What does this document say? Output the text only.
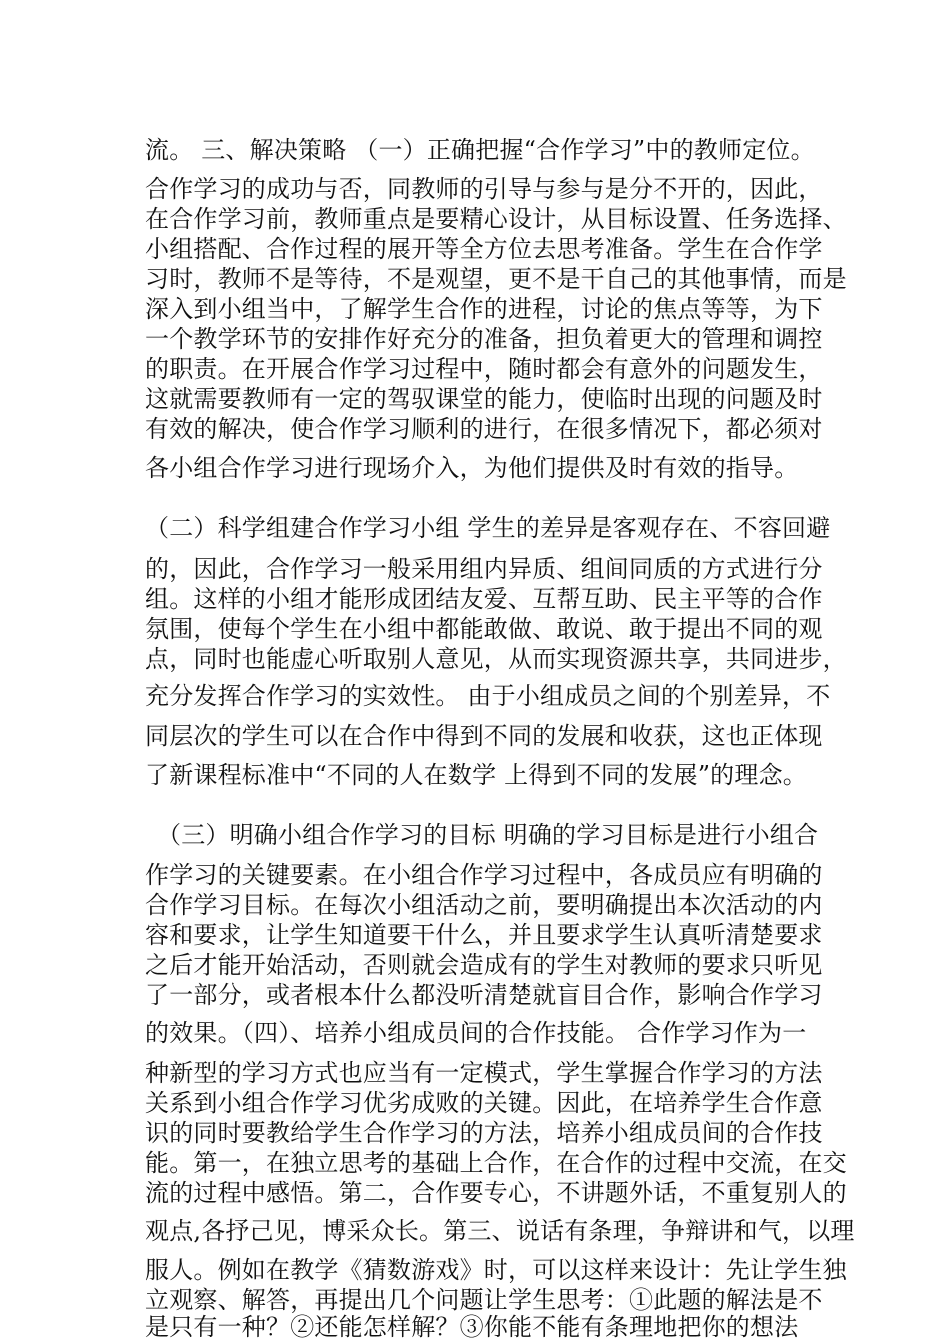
流。 三、解决策略 （一）正确把握“合作学习”中的教师定位。
合作学习的成功与否，同教师的引导与参与是分不开的，因此，
在合作学习前，教师重点是要精心设计，从目标设置、任务选择、
小组搭配、合作过程的展开等全方位去思考准备。学生在合作学
习时，教师不是等待，不是观望，更不是干自己的其他事情，而是
深入到小组当中，了解学生合作的进程，讨论的焦点等等，为下
一个教学环节的安排作好充分的准备，担负着更大的管理和调控
的职责。在开展合作学习过程中，随时都会有意外的问题发生，
这就需要教师有一定的驾驭课堂的能力，使临时出现的问题及时
有效的解决，使合作学习顺利的进行，在很多情况下，都必须对
各小组合作学习进行现场介入，为他们提供及时有效的指导。
（二）科学组建合作学习小组 学生的差异是客观存在、不容回避
的，因此，合作学习一般采用组内异质、组间同质的方式进行分
组。这样的小组才能形成团结友爱、互帮互助、民主平等的合作
氛围，使每个学生在小组中都能敢做、敢说、敢于提出不同的观
点，同时也能虚心听取别人意见，从而实现资源共享，共同进步，
充分发挥合作学习的实效性。 由于小组成员之间的个别差异，不
同层次的学生可以在合作中得到不同的发展和收获，这也正体现
了新课程标准中“不同的人在数学 上得到不同的发展”的理念。
（三）明确小组合作学习的目标 明确的学习目标是进行小组合
作学习的关键要素。在小组合作学习过程中，各成员应有明确的
合作学习目标。在每次小组活动之前，要明确提出本次活动的内
容和要求，让学生知道要干什么，并且要求学生认真听清楚要求
之后才能开始活动，否则就会造成有的学生对教师的要求只听见
了一部分，或者根本什么都没听清楚就盲目合作，影响合作学习
的效果。（四）、培养小组成员间的合作技能。 合作学习作为一
种新型的学习方式也应当有一定模式，学生掌握合作学习的方法
关系到小组合作学习优劣成败的关键。因此，在培养学生合作意
识的同时要教给学生合作学习的方法，培养小组成员间的合作技
能。第一，在独立思考的基础上合作，在合作的过程中交流，在交
流的过程中感悟。第二，合作要专心，不讲题外话，不重复别人的
观点,各抒己见，博采众长。第三、说话有条理，争辩讲和气，以理
服人。例如在教学《猜数游戏》时，可以这样来设计：先让学生独
立观察、解答，再提出几个问题让学生思考：①此题的解法是不
是只有一种？②还能怎样解？③你能不能有条理地把你的想法
